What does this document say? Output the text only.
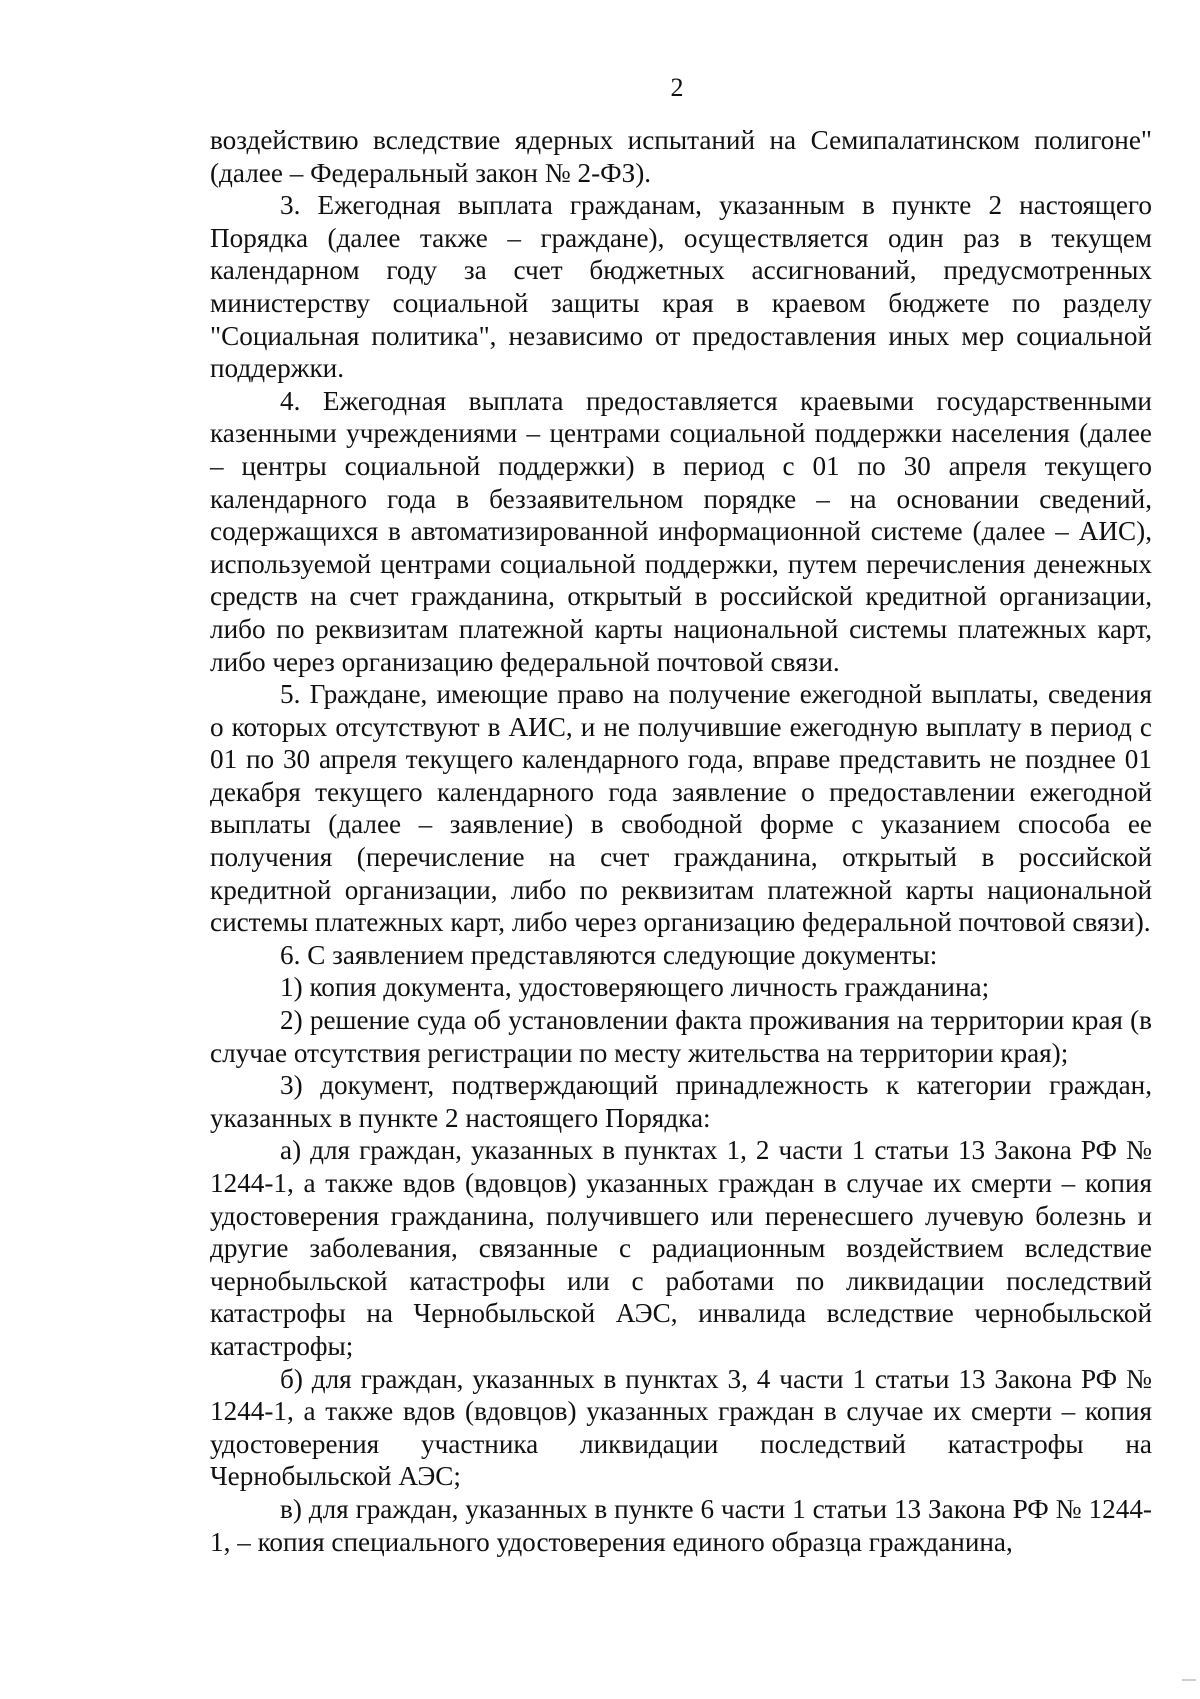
2

воздействию вследствие ядерных испытаний на Семипалатинском полигоне" (далее – Федеральный закон № 2-ФЗ).

3. Ежегодная выплата гражданам, указанным в пункте 2 настоящего Порядка (далее также – граждане), осуществляется один раз в текущем календарном году за счет бюджетных ассигнований, предусмотренных министерству социальной защиты края в краевом бюджете по разделу "Социальная политика", независимо от предоставления иных мер социальной поддержки.

4. Ежегодная выплата предоставляется краевыми государственными казенными учреждениями – центрами социальной поддержки населения (далее – центры социальной поддержки) в период с 01 по 30 апреля текущего календарного года в беззаявительном порядке – на основании сведений, содержащихся в автоматизированной информационной системе (далее – АИС), используемой центрами социальной поддержки, путем перечисления денежных средств на счет гражданина, открытый в российской кредитной организации, либо по реквизитам платежной карты национальной системы платежных карт, либо через организацию федеральной почтовой связи.

5. Граждане, имеющие право на получение ежегодной выплаты, сведения о которых отсутствуют в АИС, и не получившие ежегодную выплату в период с 01 по 30 апреля текущего календарного года, вправе представить не позднее 01 декабря текущего календарного года заявление о предоставлении ежегодной выплаты (далее – заявление) в свободной форме с указанием способа ее получения (перечисление на счет гражданина, открытый в российской кредитной организации, либо по реквизитам платежной карты национальной системы платежных карт, либо через организацию федеральной почтовой связи).

6. С заявлением представляются следующие документы:

1) копия документа, удостоверяющего личность гражданина;

2) решение суда об установлении факта проживания на территории края (в случае отсутствия регистрации по месту жительства на территории края);

3) документ, подтверждающий принадлежность к категории граждан, указанных в пункте 2 настоящего Порядка:

а) для граждан, указанных в пунктах 1, 2 части 1 статьи 13 Закона РФ № 1244-1, а также вдов (вдовцов) указанных граждан в случае их смерти – копия удостоверения гражданина, получившего или перенесшего лучевую болезнь и другие заболевания, связанные с радиационным воздействием вследствие чернобыльской катастрофы или с работами по ликвидации последствий катастрофы на Чернобыльской АЭС, инвалида вследствие чернобыльской катастрофы;

б) для граждан, указанных в пунктах 3, 4 части 1 статьи 13 Закона РФ № 1244-1, а также вдов (вдовцов) указанных граждан в случае их смерти – копия удостоверения участника ликвидации последствий катастрофы на Чернобыльской АЭС;

в) для граждан, указанных в пункте 6 части 1 статьи 13 Закона РФ № 1244-1, – копия специального удостоверения единого образца гражданина,
